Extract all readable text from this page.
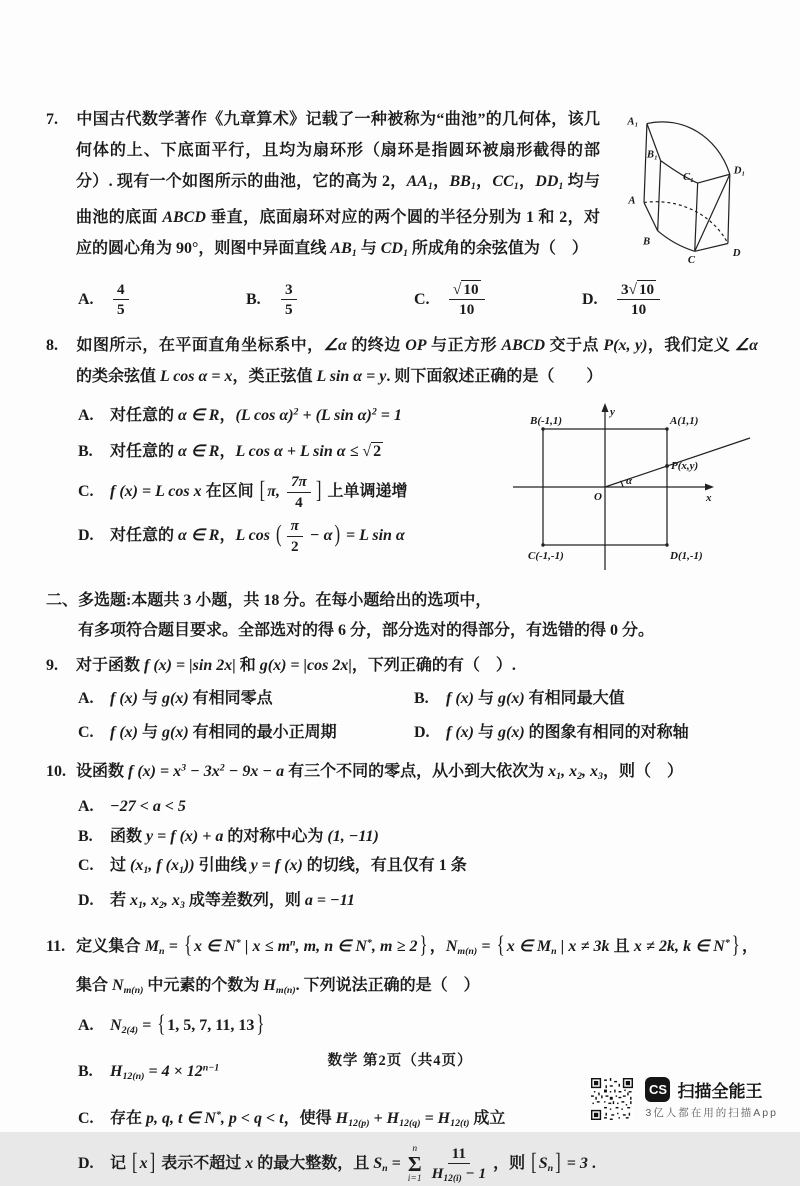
A₁
B₁
C₁
D₁
A
B
C
D
7. 中国古代数学著作《九章算术》记载了一种被称为“曲池”的几何体，该几何体的上、下底面平行，且均为扇环形（扇环是指圆环被扇形截得的部分）. 现有一个如图所示的曲池，它的高为 2，$AA_1$，$BB_1$，$CC_1$，$DD_1$ 均与曲池的底面 ABCD 垂直，底面扇环对应的两个圆的半径分别为 1 和 2，对应的圆心角为 90°，则图中异面直线 $AB_1$ 与 $CD_1$ 所成角的余弦值为（　）
A.	$\frac{4}{5}$	B.	$\frac{3}{5}$	C.	$\frac{√ 10}{10}$	D.	$\frac{3√ 10}{10}$
8. 如图所示，在平面直角坐标系中，∠α 的终边 OP 与正方形 ABCD 交于点 P(x, y)，我们定义 ∠α 的类余弦值 L cos α = x，类正弦值 L sin α = y. 则下面叙述正确的是（　　）
A. 对任意的 α ∈ R，(L cos α)$^2$ + (L sin α)$^2$ = 1
B. 对任意的 α ∈ R，L cos α + L sin α ≤ √ 2
C. f (x) = L cos x 在区间 [ π, $\frac{7\pi}{4}$ ] 上单调递增
D. 对任意的 α ∈ R，L cos ( $\frac{\pi}{2} - \alpha$ ) = L sin α
B(-1,1)	A(1,1)
C(-1,-1)	D(1,-1)
P(x,y)
O
α
x
y
二、多选题:本题共 3 小题，共 18 分。在每小题给出的选项中，
有多项符合题目要求。全部选对的得 6 分，部分选对的得部分，有选错的得 0 分。
9. 对于函数 f (x) = |sin 2x| 和 g(x) = |cos 2x|，下列正确的有（　）.
A. f (x) 与 g(x) 有相同零点	B. f (x) 与 g(x) 有相同最大值
C. f (x) 与 g(x) 有相同的最小正周期	D. f (x) 与 g(x) 的图象有相同的对称轴
10. 设函数 f $(x) = x^3 - 3x^2 - 9x - a$ 有三个不同的零点，从小到大依次为 $x_1$, $x_2$, $x_3$，则（　）
A. −27 < a < 5
B. 函数 y = f (x) + a 的对称中心为 (1, −11)
C. 过 ($x_1$, f $(x_1)$) 引曲线 y = f (x) 的切线，有且仅有 1 条
D. 若 $x_1$, $x_2$, $x_3$ 成等差数列，则 a = −11
11. 定义集合 $M_n$ = { x ∈ N* | $x \le m^n$, m, n ∈ N*, m ≥ 2 } ，$N_{m(n)}$ = { x ∈ $M_n$ | x ≠ 3k 且 x ≠ 2k, k ∈ N* } ，集合 $N_{m(n)}$ 中元素的个数为 $H_{m(n)}$. 下列说法正确的是（　）
A. $N_{2(4)}$ = { 1, 5, 7, 11, 13 }
B. $H_{12(n)} = 4 \times 12^{n-1}$
C. 存在 p, q, t ∈ N*, p < q < t，使得 $H_{12(p)} + H_{12(q)} = H_{12(t)}$ 成立
D. 记 [ x ] 表示不超过 x 的最大整数，且 $S_n$ =
n
Σ
$i=1 \frac{11}{H_{12(i)} - 1}$ ，则 [ $S_n$ ] = 3 .
数学 第2页（共4页）
CS 扫描全能王
3亿人都在用的扫描App
